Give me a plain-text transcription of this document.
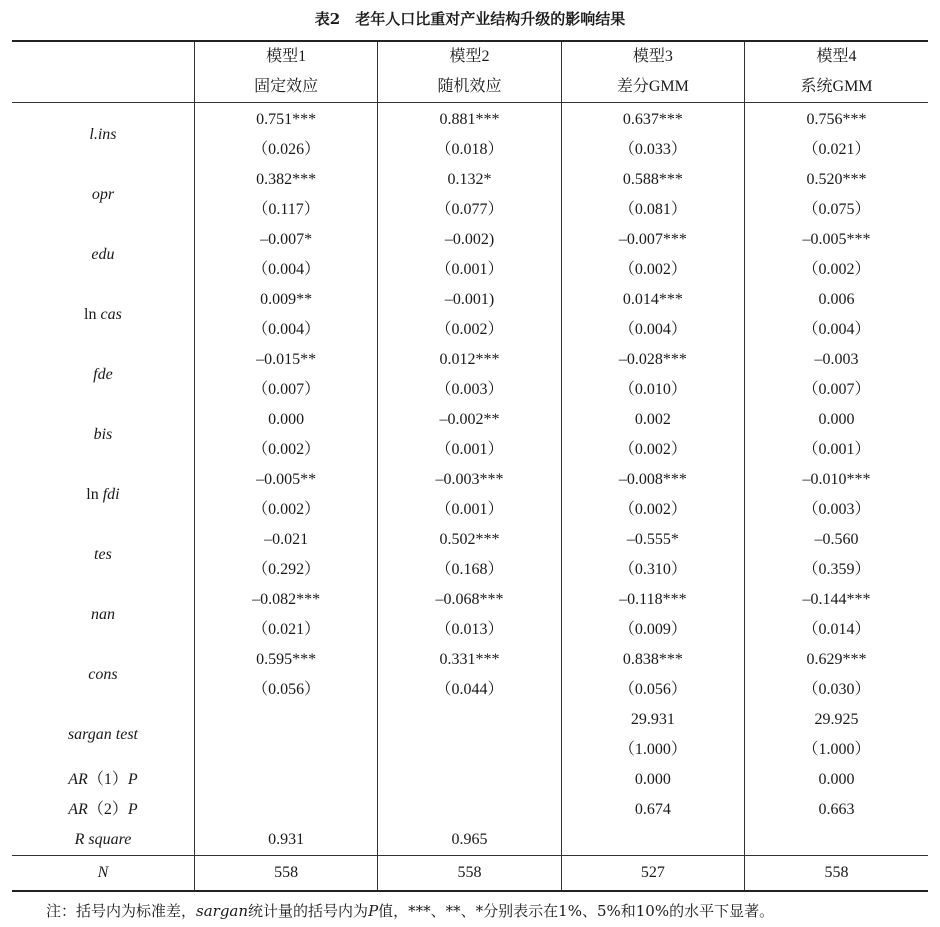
表2　老年人口比重对产业结构升级的影响结果
	模型1	模型2	模型3	模型4
	固定效应	随机效应	差分GMM	系统GMM
l.ins	0.751***	0.881***	0.637***	0.756***
	（0.026）	（0.018）	（0.033）	（0.021）
opr	0.382***	0.132*	0.588***	0.520***
	（0.117）	（0.077）	（0.081）	（0.075）
edu	–0.007*	–0.002)	–0.007***	–0.005***
	（0.004）	（0.001）	（0.002）	（0.002）
ln cas	0.009**	–0.001)	0.014***	0.006
	（0.004）	（0.002）	（0.004）	（0.004）
fde	–0.015**	0.012***	–0.028***	–0.003
	（0.007）	（0.003）	（0.010）	（0.007）
bis	0.000	–0.002**	0.002	0.000
	（0.002）	（0.001）	（0.002）	（0.001）
ln fdi	–0.005**	–0.003***	–0.008***	–0.010***
	（0.002）	（0.001）	（0.002）	（0.003）
tes	–0.021	0.502***	–0.555*	–0.560
	（0.292）	（0.168）	（0.310）	（0.359）
nan	–0.082***	–0.068***	–0.118***	–0.144***
	（0.021）	（0.013）	（0.009）	（0.014）
cons	0.595***	0.331***	0.838***	0.629***
	（0.056）	（0.044）	（0.056）	（0.030）
sargan test			29.931	29.925
			（1.000）	（1.000）
AR（1）P			0.000	0.000
AR（2）P			0.674	0.663
R square	0.931	0.965		
N	558	558	527	558
注：括号内为标准差，sargan统计量的括号内为P值，***、**、*分别表示在1%、5%和10%的水平下显著。
